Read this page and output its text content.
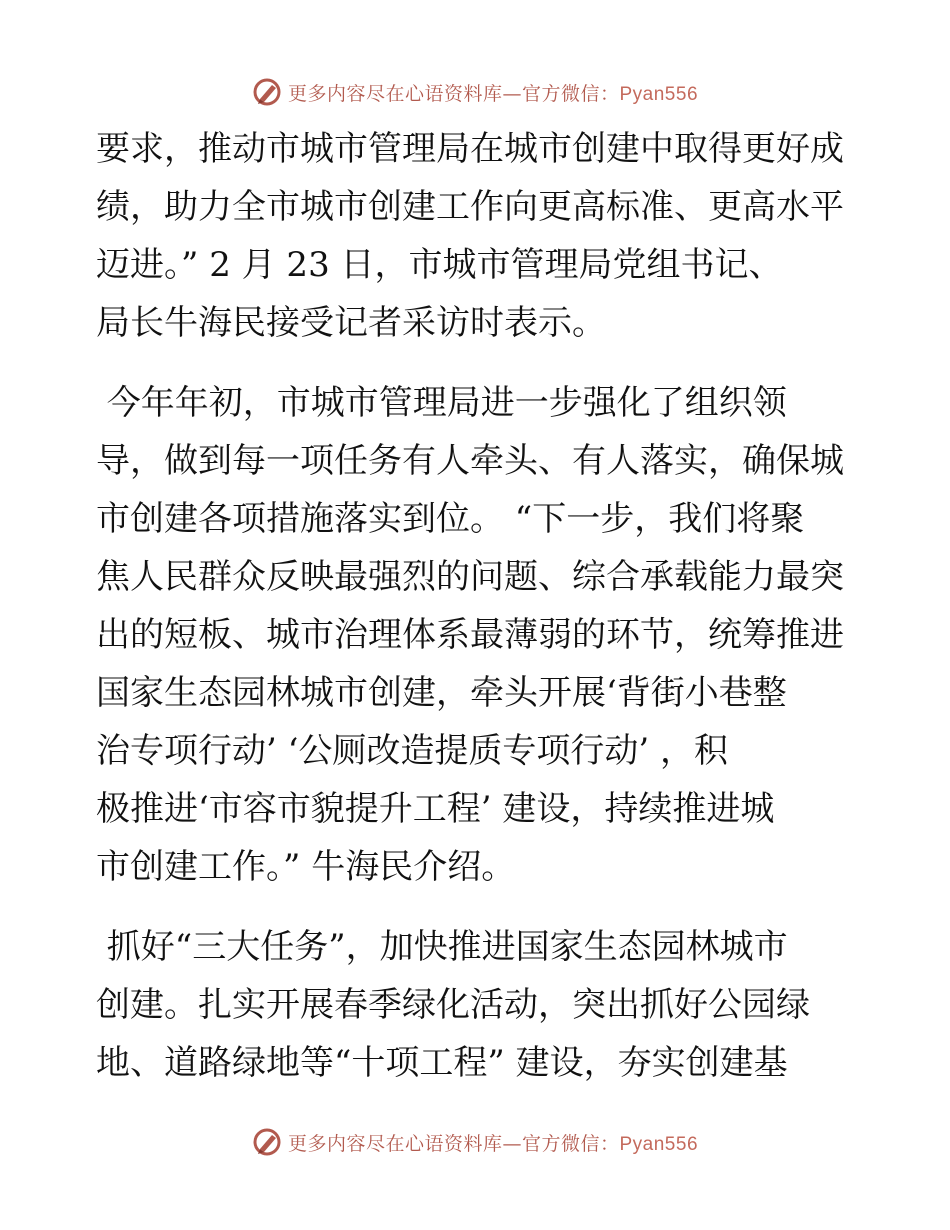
更多内容尽在心语资料库—官方微信：Pyan556
要求，推动市城市管理局在城市创建中取得更好成
绩，助力全市城市创建工作向更高标准、更高水平
迈进。” 2 月 23 日，市城市管理局党组书记、
局长牛海民接受记者采访时表示。
今年年初，市城市管理局进一步强化了组织领
导，做到每一项任务有人牵头、有人落实，确保城
市创建各项措施落实到位。 “下一步，我们将聚
焦人民群众反映最强烈的问题、综合承载能力最突
出的短板、城市治理体系最薄弱的环节，统筹推进
国家生态园林城市创建，牵头开展‘背街小巷整
治专项行动’ ‘公厕改造提质专项行动’ ，积
极推进‘市容市貌提升工程’ 建设，持续推进城
市创建工作。” 牛海民介绍。
抓好“三大任务”，加快推进国家生态园林城市
创建。扎实开展春季绿化活动，突出抓好公园绿
地、道路绿地等“十项工程” 建设，夯实创建基
更多内容尽在心语资料库—官方微信：Pyan556
